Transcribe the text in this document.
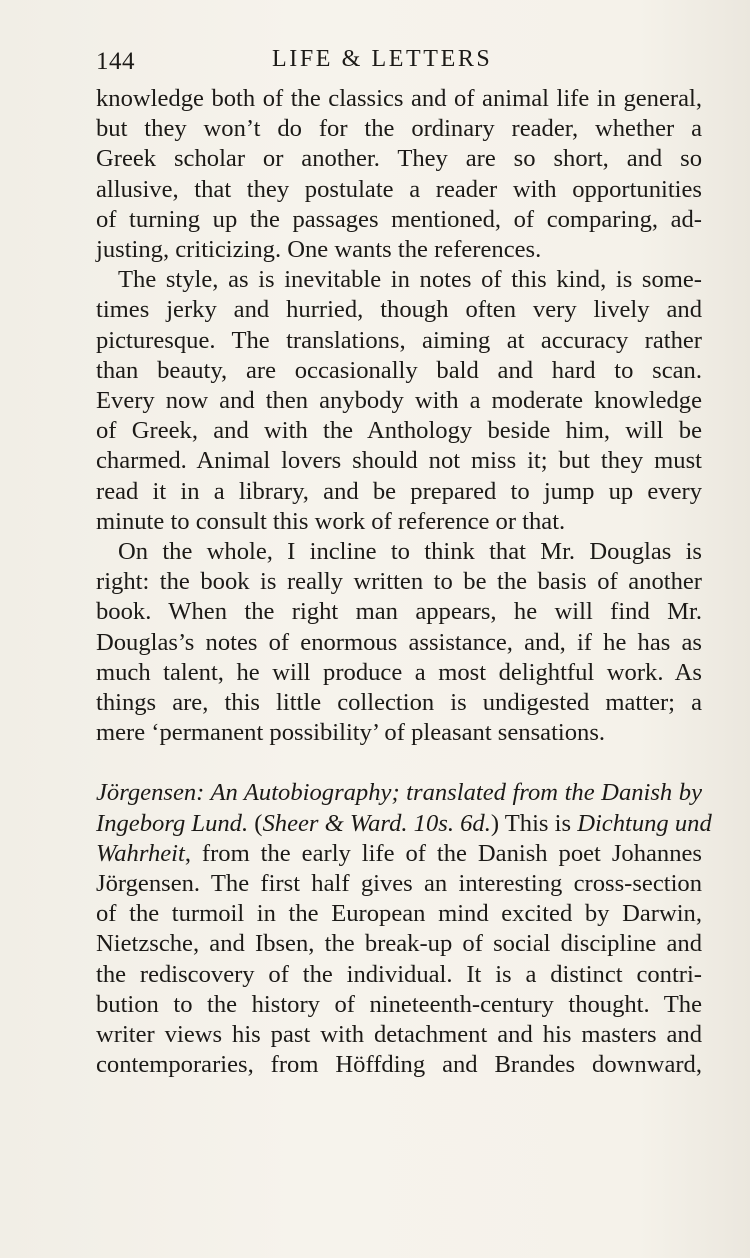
144	LIFE & LETTERS

knowledge both of the classics and of animal life in general,
but they won’t do for the ordinary reader, whether a
Greek scholar or another. They are so short, and so
allusive, that they postulate a reader with opportunities
of turning up the passages mentioned, of comparing, ad-
justing, criticizing. One wants the references.

The style, as is inevitable in notes of this kind, is some-
times jerky and hurried, though often very lively and
picturesque. The translations, aiming at accuracy rather
than beauty, are occasionally bald and hard to scan.
Every now and then anybody with a moderate knowledge
of Greek, and with the Anthology beside him, will be
charmed. Animal lovers should not miss it; but they must
read it in a library, and be prepared to jump up every
minute to consult this work of reference or that.

On the whole, I incline to think that Mr. Douglas is
right: the book is really written to be the basis of another
book. When the right man appears, he will find Mr.
Douglas’s notes of enormous assistance, and, if he has as
much talent, he will produce a most delightful work. As
things are, this little collection is undigested matter; a
mere ‘permanent possibility’ of pleasant sensations.

Jörgensen: An Autobiography; translated from the Danish by
Ingeborg Lund. (Sheer & Ward. 10s. 6d.) This is Dichtung und
Wahrheit, from the early life of the Danish poet Johannes
Jörgensen. The first half gives an interesting cross-section
of the turmoil in the European mind excited by Darwin,
Nietzsche, and Ibsen, the break-up of social discipline and
the rediscovery of the individual. It is a distinct contri-
bution to the history of nineteenth-century thought. The
writer views his past with detachment and his masters and
contemporaries, from Höffding and Brandes downward,
